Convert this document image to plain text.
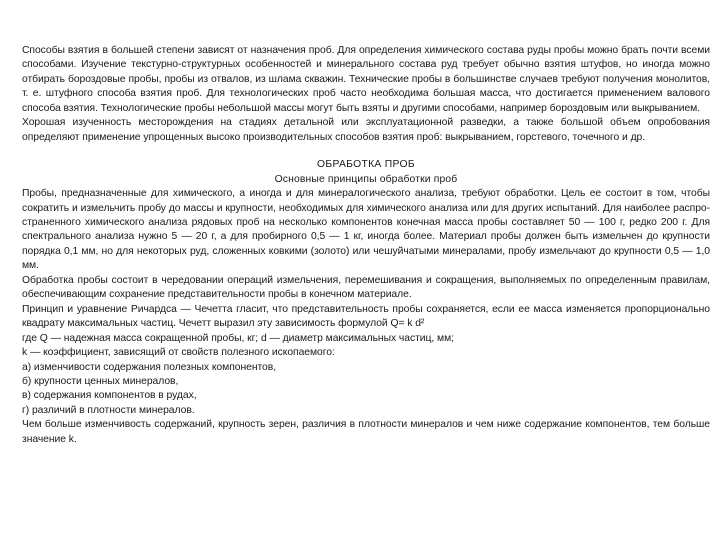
Способы взятия в большей степени зависят от назначения проб. Для определения химического состава руды пробы можно брать почти всеми способами. Изучение текстурно-структурных особенностей и минерального состава руд требует обычно взятия штуфов, но иногда можно отбирать бороздовые пробы, пробы из отвалов, из шлама скважин. Технические пробы в большинстве случаев требуют получения монолитов, т. е. штуфного способа взятия проб. Для технологических проб часто необходима большая масса, что достигается применением валового способа взятия. Технологические пробы небольшой массы могут быть взяты и другими способами, например бороздовым или выкрыванием.

Хорошая изученность месторождения на стадиях детальной или эксплуатационной разведки, а также большой объем опробования определяют применение упрощенных высоко производительных способов взятия проб: выкрыванием, горстевого, точечного и др.

ОБРАБОТКА ПРОБ

Основные принципы обработки проб

Пробы, предназначенные для химического, а иногда и для минералогического анализа, требуют обработки. Цель ее состоит в том, чтобы сократить и измельчить пробу до массы и крупности, необходимых для химического анализа или для других испытаний. Для наиболее распро-страненного химического анализа рядовых проб на несколько компонентов конечная масса пробы составляет 50 — 100 г, редко 200 г. Для спектрального анализа нужно 5 — 20 г, а для пробирного 0,5 — 1 кг, иногда более. Материал пробы должен быть измельчен до крупности порядка 0,1 мм, но для некоторых руд, сложенных ковкими (золото) или чешуйчатыми минералами, пробу измельчают до крупности 0,5 — 1,0 мм.

Обработка пробы состоит в чередовании операций измельчения, перемешивания и сокращения, выполняемых по определенным правилам, обеспечивающим сохранение представительности пробы в конечном материале.

Принцип и уравнение Ричардса — Чечетта гласит, что представительность пробы сохраняется, если ее масса изменяется пропорционально квадрату максимальных частиц. Чечетт выразил эту зависимость формулой Q= k d²

где Q — надежная масса сокращенной пробы, кг; d — диаметр максимальных частиц, мм;

k — коэффициент, зависящий от свойств полезного ископаемого:

а) изменчивости содержания полезных компонентов,

б) крупности ценных минералов,

в) содержания компонентов в рудах,

г) различий в плотности минералов.

Чем больше изменчивость содержаний, крупность зерен, различия в плотности минералов и чем ниже содержание компонентов, тем больше значение k.
